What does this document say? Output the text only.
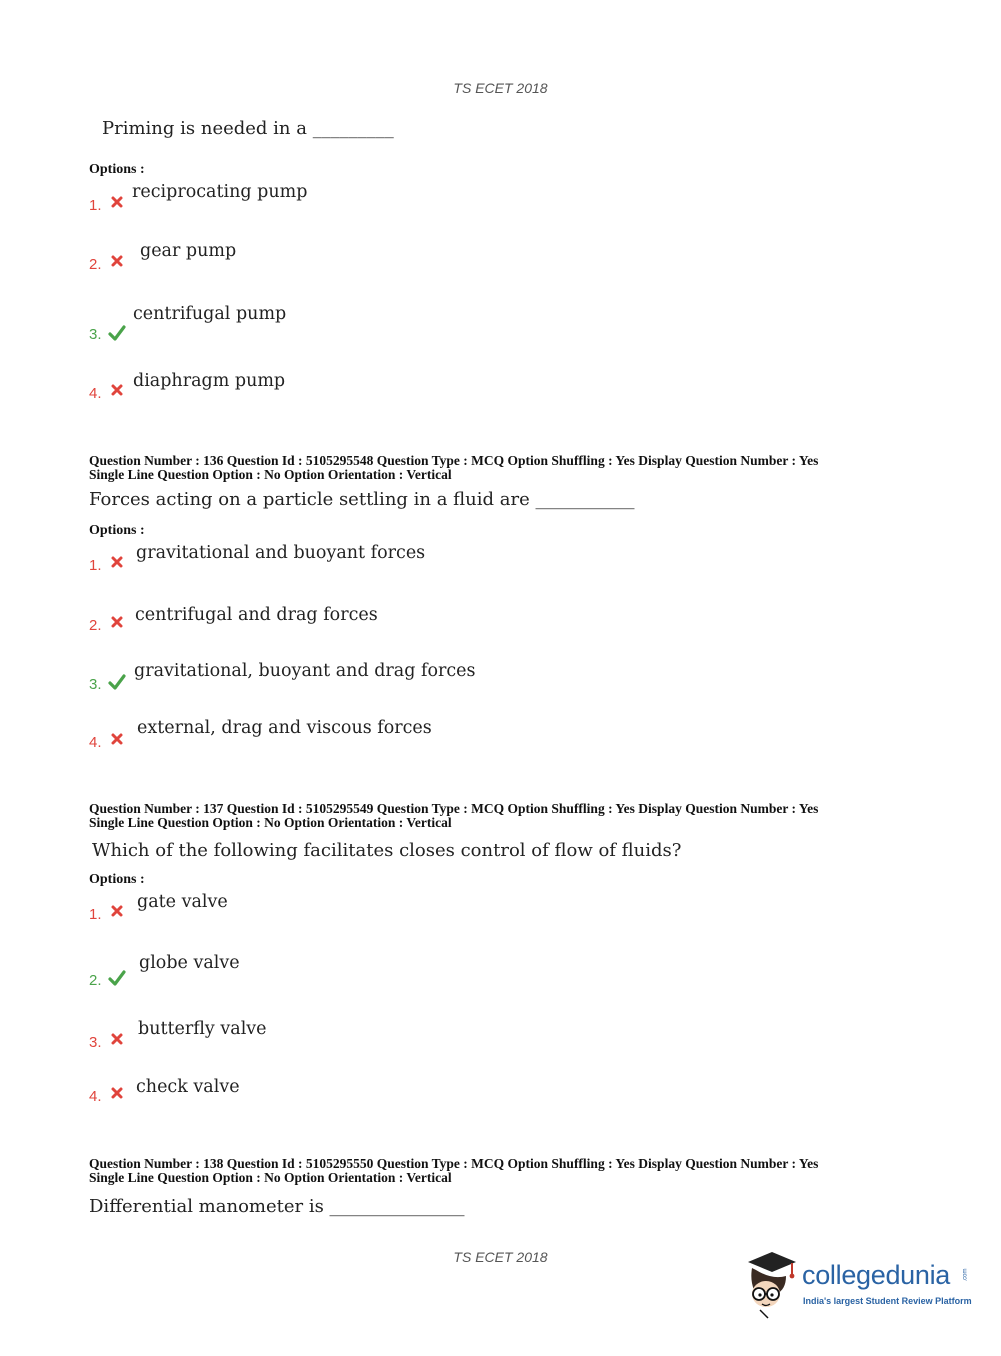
TS ECET 2018
Priming is needed in a _________
Options :
1.
reciprocating pump
2.
gear pump
3.
centrifugal pump
4.
diaphragm pump
Question Number : 136 Question Id : 5105295548 Question Type : MCQ Option Shuffling : Yes Display Question Number : Yes
Single Line Question Option : No Option Orientation : Vertical
Forces acting on a particle settling in a fluid are ___________
Options :
1.
gravitational and buoyant forces
2.
centrifugal and drag forces
3.
gravitational, buoyant and drag forces
4.
external, drag and viscous forces
Question Number : 137 Question Id : 5105295549 Question Type : MCQ Option Shuffling : Yes Display Question Number : Yes
Single Line Question Option : No Option Orientation : Vertical
Which of the following facilitates closes control of flow of fluids?
Options :
1.
gate valve
2.
globe valve
3.
butterfly valve
4. check valve
Question Number : 138 Question Id : 5105295550 Question Type : MCQ Option Shuffling : Yes Display Question Number : Yes
Single Line Question Option : No Option Orientation : Vertical
Differential manometer is _______________
TS ECET 2018
collegedunia .com
India's largest Student Review Platform
